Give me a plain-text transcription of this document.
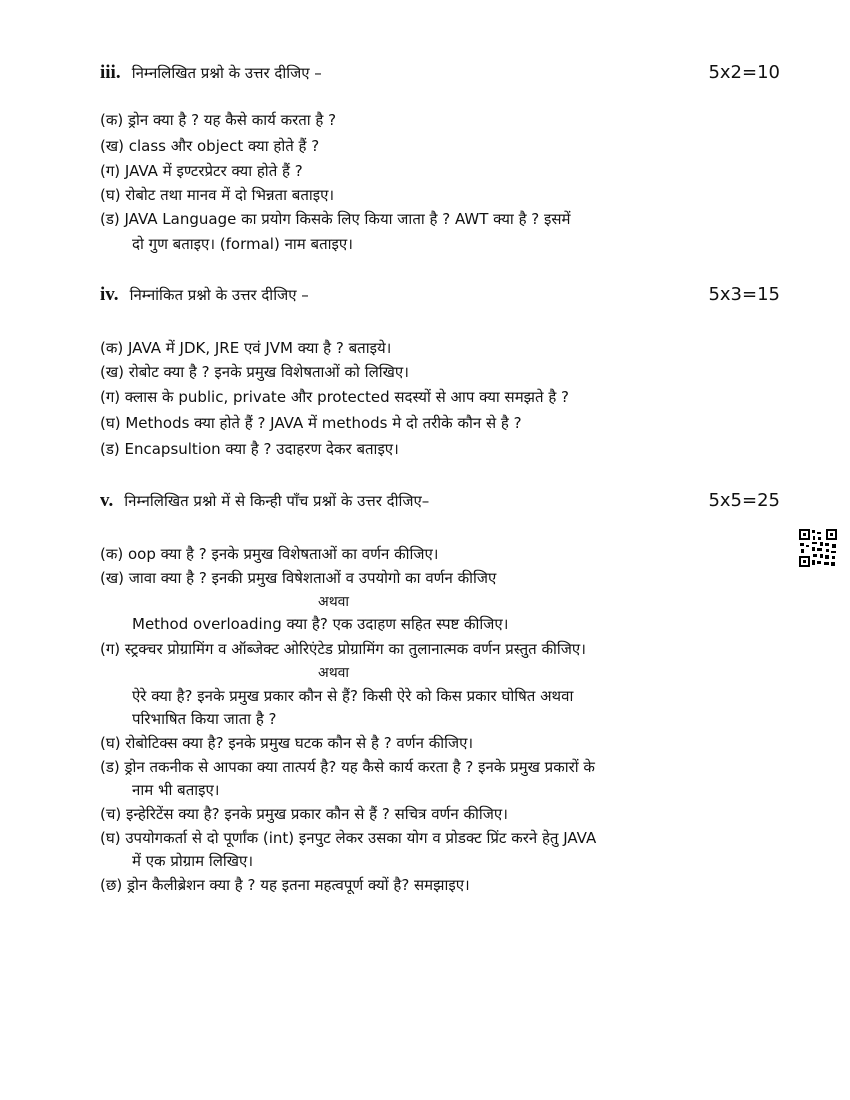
iii. निम्नलिखित प्रश्नो के उत्तर दीजिए –	5x2=10
(क) ड्रोन क्या है ? यह कैसे कार्य करता है ?
(ख) class और object क्या होते हैं ?
(ग) JAVA में इण्टरप्रेटर क्या होते हैं ?
(घ) रोबोट तथा मानव में दो भिन्नता बताइए।
(ड) JAVA Language का प्रयोग किसके लिए किया जाता है ? AWT क्या है ? इसमें
दो गुण बताइए। (formal) नाम बताइए।
iv. निम्नांकित प्रश्नो के उत्तर दीजिए –	5x3=15
(क) JAVA में JDK, JRE एवं JVM क्या है ? बताइये।
(ख) रोबोट क्या है ? इनके प्रमुख विशेषताओं को लिखिए।
(ग) क्लास के public, private और protected सदस्यों से आप क्या समझते है ?
(घ) Methods क्या होते हैं ? JAVA में methods मे दो तरीके कौन से है ?
(ड) Encapsultion क्या है ? उदाहरण देकर बताइए।
v. निम्नलिखित प्रश्नो में से किन्ही पाँच प्रश्नों के उत्तर दीजिए–	5x5=25
(क) oop क्या है ? इनके प्रमुख विशेषताओं का वर्णन कीजिए।
(ख) जावा क्या है ? इनकी प्रमुख विषेशताओं व उपयोगो का वर्णन कीजिए
अथवा
Method overloading क्या है? एक उदाहण सहित स्पष्ट कीजिए।
(ग) स्ट्रक्चर प्रोग्रामिंग व ऑब्जेक्ट ओरिएंटेड प्रोग्रामिंग का तुलानात्मक वर्णन प्रस्तुत कीजिए।
अथवा
ऐरे क्या है? इनके प्रमुख प्रकार कौन से हैं? किसी ऐरे को किस प्रकार घोषित अथवा
परिभाषित किया जाता है ?
(घ) रोबोटिक्स क्या है? इनके प्रमुख घटक कौन से है ? वर्णन कीजिए।
(ड) ड्रोन तकनीक से आपका क्या तात्पर्य है? यह कैसे कार्य करता है ? इनके प्रमुख प्रकारों के
नाम भी बताइए।
(च) इन्हेरिटेंस क्या है? इनके प्रमुख प्रकार कौन से हैं ? सचित्र वर्णन कीजिए।
(घ) उपयोगकर्ता से दो पूर्णांक (int) इनपुट लेकर उसका योग व प्रोडक्ट प्रिंट करने हेतु JAVA
में एक प्रोग्राम लिखिए।
(छ) ड्रोन कैलीब्रेशन क्या है ? यह इतना महत्वपूर्ण क्यों है? समझाइए।
